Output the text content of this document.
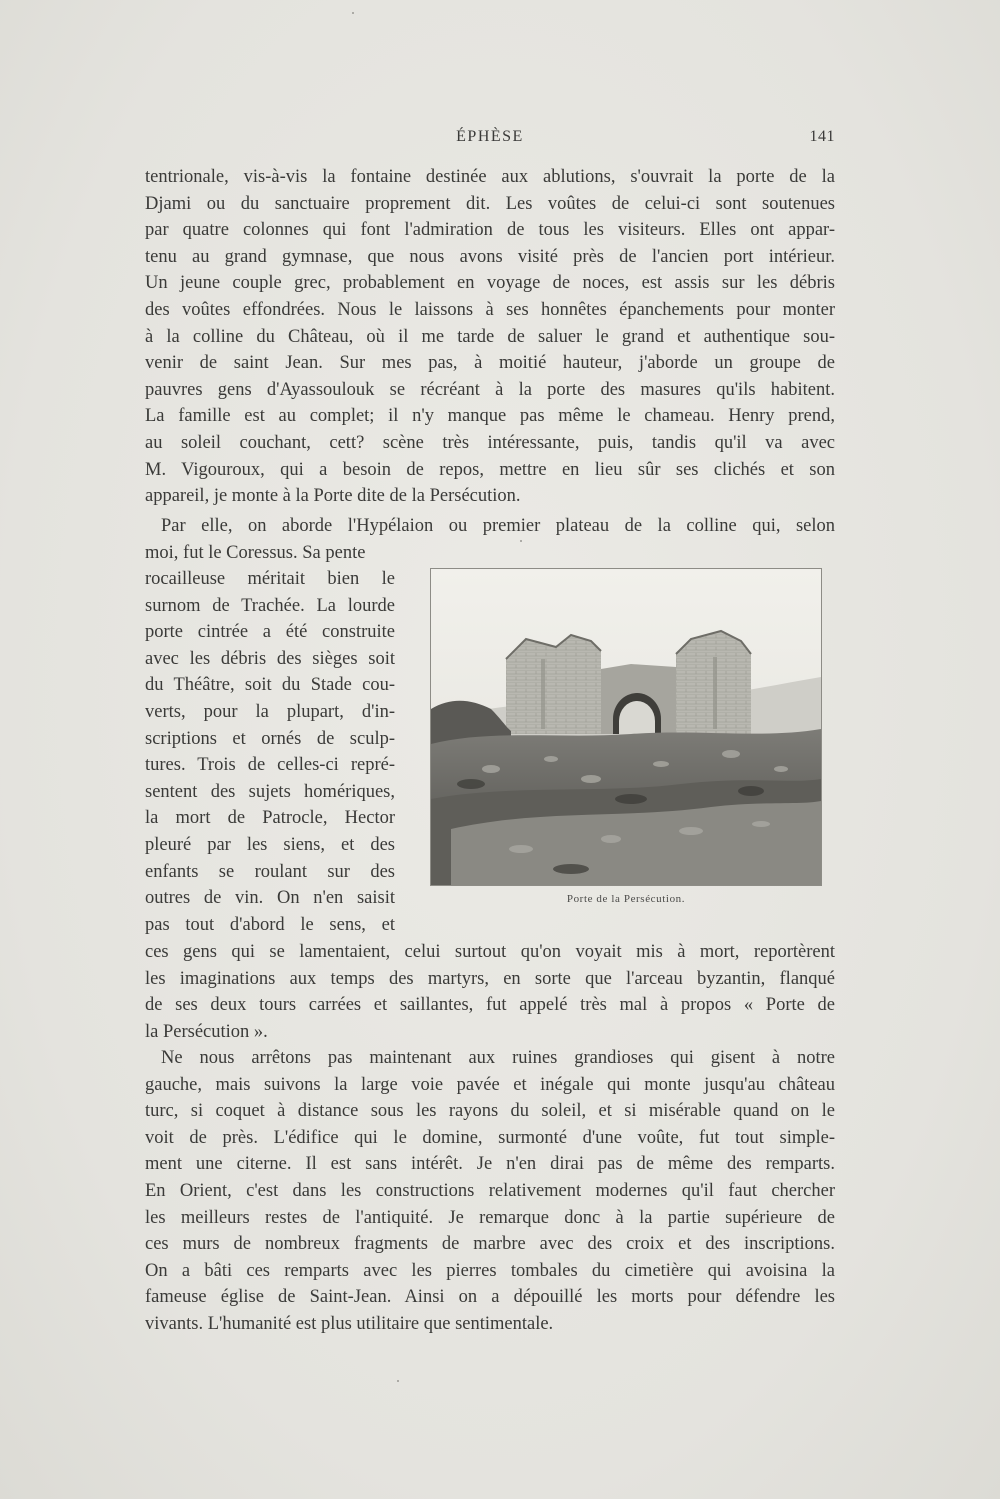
ÉPHÈSE	141
tentrionale, vis-à-vis la fontaine destinée aux ablutions, s'ouvrait la porte de la
Djami ou du sanctuaire proprement dit. Les voûtes de celui-ci sont soutenues
par quatre colonnes qui font l'admiration de tous les visiteurs. Elles ont appar-
tenu au grand gymnase, que nous avons visité près de l'ancien port intérieur.
Un jeune couple grec, probablement en voyage de noces, est assis sur les débris
des voûtes effondrées. Nous le laissons à ses honnêtes épanchements pour monter
à la colline du Château, où il me tarde de saluer le grand et authentique sou-
venir de saint Jean. Sur mes pas, à moitié hauteur, j'aborde un groupe de
pauvres gens d'Ayassoulouk se récréant à la porte des masures qu'ils habitent.
La famille est au complet; il n'y manque pas même le chameau. Henry prend,
au soleil couchant, cett? scène très intéressante, puis, tandis qu'il va avec
M. Vigouroux, qui a besoin de repos, mettre en lieu sûr ses clichés et son
appareil, je monte à la Porte dite de la Persécution.
Par elle, on aborde l'Hypélaion ou premier plateau de la colline qui, selon
moi, fut le Coressus. Sa pente
rocailleuse méritait bien le
surnom de Trachée. La lourde
porte cintrée a été construite
avec les débris des sièges soit
du Théâtre, soit du Stade cou-
verts, pour la plupart, d'in-
scriptions et ornés de sculp-
tures. Trois de celles-ci repré-
sentent des sujets homériques,
la mort de Patrocle, Hector
pleuré par les siens, et des
enfants se roulant sur des
outres de vin. On n'en saisit
pas tout d'abord le sens, et
Porte de la Persécution.
ces gens qui se lamentaient, celui surtout qu'on voyait mis à mort, reportèrent
les imaginations aux temps des martyrs, en sorte que l'arceau byzantin, flanqué
de ses deux tours carrées et saillantes, fut appelé très mal à propos « Porte de
la Persécution ».
Ne nous arrêtons pas maintenant aux ruines grandioses qui gisent à notre
gauche, mais suivons la large voie pavée et inégale qui monte jusqu'au château
turc, si coquet à distance sous les rayons du soleil, et si misérable quand on le
voit de près. L'édifice qui le domine, surmonté d'une voûte, fut tout simple-
ment une citerne. Il est sans intérêt. Je n'en dirai pas de même des remparts.
En Orient, c'est dans les constructions relativement modernes qu'il faut chercher
les meilleurs restes de l'antiquité. Je remarque donc à la partie supérieure de
ces murs de nombreux fragments de marbre avec des croix et des inscriptions.
On a bâti ces remparts avec les pierres tombales du cimetière qui avoisina la
fameuse église de Saint-Jean. Ainsi on a dépouillé les morts pour défendre les
vivants. L'humanité est plus utilitaire que sentimentale.
